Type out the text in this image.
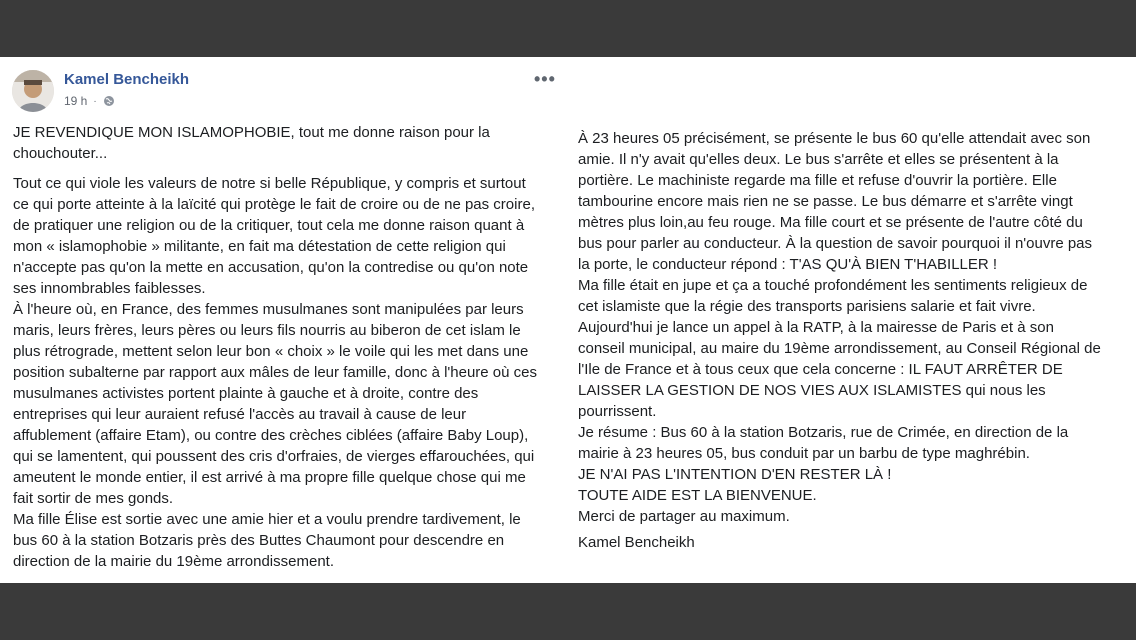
Kamel Bencheikh
19 h ·
•••

JE REVENDIQUE MON ISLAMOPHOBIE, tout me donne raison pour la
chouchouter...

Tout ce qui viole les valeurs de notre si belle République, y compris et surtout
ce qui porte atteinte à la laïcité qui protège le fait de croire ou de ne pas croire,
de pratiquer une religion ou de la critiquer, tout cela me donne raison quant à
mon « islamophobie » militante, en fait ma détestation de cette religion qui
n'accepte pas qu'on la mette en accusation, qu'on la contredise ou qu'on note
ses innombrables faiblesses.
À l'heure où, en France, des femmes musulmanes sont manipulées par leurs
maris, leurs frères, leurs pères ou leurs fils nourris au biberon de cet islam le
plus rétrograde, mettent selon leur bon « choix » le voile qui les met dans une
position subalterne par rapport aux mâles de leur famille, donc à l'heure où ces
musulmanes activistes portent plainte à gauche et à droite, contre des
entreprises qui leur auraient refusé l'accès au travail à cause de leur
affublement (affaire Etam), ou contre des crèches ciblées (affaire Baby Loup),
qui se lamentent, qui poussent des cris d'orfraies, de vierges effarouchées, qui
ameutent le monde entier, il est arrivé à ma propre fille quelque chose qui me
fait sortir de mes gonds.
Ma fille Élise est sortie avec une amie hier et a voulu prendre tardivement, le
bus 60 à la station Botzaris près des Buttes Chaumont pour descendre en
direction de la mairie du 19ème arrondissement.

À 23 heures 05 précisément, se présente le bus 60 qu'elle attendait avec son
amie. Il n'y avait qu'elles deux. Le bus s'arrête et elles se présentent à la
portière. Le machiniste regarde ma fille et refuse d'ouvrir la portière. Elle
tambourine encore mais rien ne se passe. Le bus démarre et s'arrête vingt
mètres plus loin,au feu rouge. Ma fille court et se présente de l'autre côté du
bus pour parler au conducteur. À la question de savoir pourquoi il n'ouvre pas
la porte, le conducteur répond : T'AS QU'À BIEN T'HABILLER !
Ma fille était en jupe et ça a touché profondément les sentiments religieux de
cet islamiste que la régie des transports parisiens salarie et fait vivre.
Aujourd'hui je lance un appel à la RATP, à la mairesse de Paris et à son
conseil municipal, au maire du 19ème arrondissement, au Conseil Régional de
l'Ile de France et à tous ceux que cela concerne : IL FAUT ARRÊTER DE
LAISSER LA GESTION DE NOS VIES AUX ISLAMISTES qui nous les
pourrissent.
Je résume : Bus 60 à la station Botzaris, rue de Crimée, en direction de la
mairie à 23 heures 05, bus conduit par un barbu de type maghrébin.
JE N'AI PAS L'INTENTION D'EN RESTER LÀ !
TOUTE AIDE EST LA BIENVENUE.
Merci de partager au maximum.

Kamel Bencheikh
